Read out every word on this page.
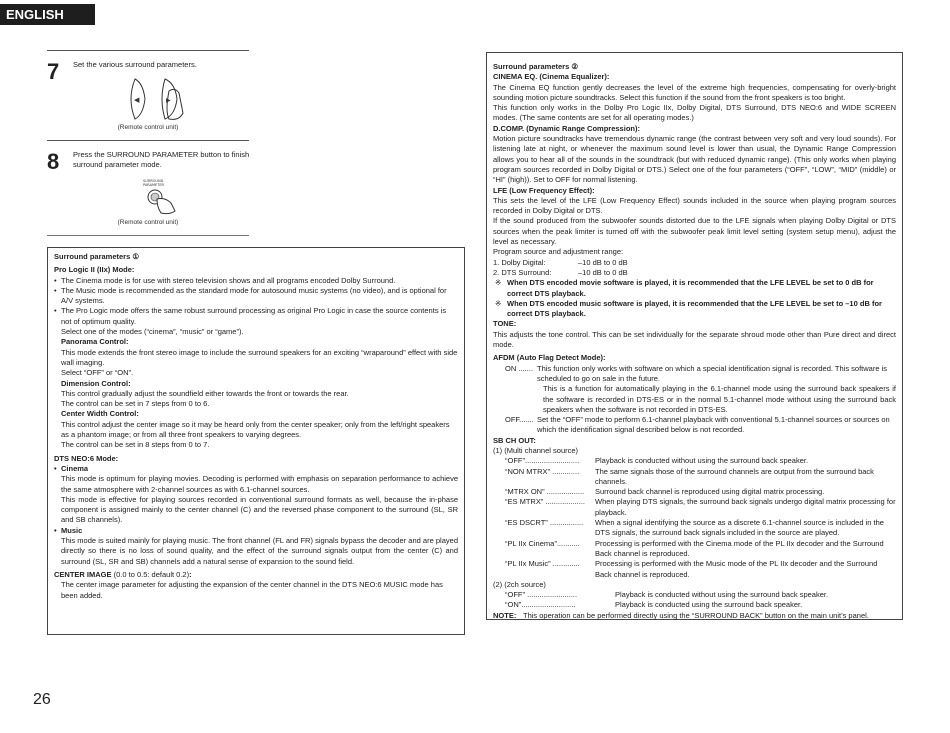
ENGLISH
7 Set the various surround parameters.
◀	▶
(Remote control unit)
8 Press the SURROUND PARAMETER button to finish surround parameter mode.
SURROUND
PARAMETER
(Remote control unit)

Surround parameters ①

Pro Logic II (IIx) Mode:

• The Cinema mode is for use with stereo television shows and all programs encoded Dolby Surround.

• The Music mode is recommended as the standard mode for autosound music systems (no video), and is optional for A/V systems.

• The Pro Logic mode offers the same robust surround processing as original Pro Logic in case the source contents is not of optimum quality.

Select one of the modes (“cinema”, “music” or “game”).

Panorama Control:

This mode extends the front stereo image to include the surround speakers for an exciting “wraparound” effect with side wall imaging.

Select “OFF” or “ON”.

Dimension Control:

This control gradually adjust the soundfield either towards the front or towards the rear.

The control can be set in 7 steps from 0 to 6.

Center Width Control:

This control adjust the center image so it may be heard only from the center speaker; only from the left/right speakers as a phantom image; or from all three front speakers to varying degrees.

The control can be set in 8 steps from 0 to 7.

DTS NEO:6 Mode:

• Cinema

This mode is optimum for playing movies. Decoding is performed with emphasis on separation performance to achieve the same atmosphere with 2-channel sources as with 6.1-channel sources.

This mode is effective for playing sources recorded in conventional surround formats as well, because the in-phase component is assigned mainly to the center channel (C) and the reversed phase component to the surround (SL, SR and SB channels).

• Music

This mode is suited mainly for playing music. The front channel (FL and FR) signals bypass the decoder and are played directly so there is no loss of sound quality, and the effect of the surround signals output from the center (C) and surround (SL, SR and SB) channels add a natural sense of expansion to the sound field.

CENTER IMAGE (0.0 to 0.5: default 0.2):

The center image parameter for adjusting the expansion of the center channel in the DTS NEO:6 MUSIC mode has been added.

Surround parameters ②

CINEMA EQ. (Cinema Equalizer):

The Cinema EQ function gently decreases the level of the extreme high frequencies, compensating for overly-bright sounding motion picture soundtracks. Select this function if the sound from the front speakers is too bright.

This function only works in the Dolby Pro Logic IIx, Dolby Digital, DTS Surround, DTS NEO:6 and WIDE SCREEN modes. (The same contents are set for all operating modes.)

D.COMP. (Dynamic Range Compression):

Motion picture soundtracks have tremendous dynamic range (the contrast between very soft and very loud sounds). For listening late at night, or whenever the maximum sound level is lower than usual, the Dynamic Range Compression allows you to hear all of the sounds in the soundtrack (but with reduced dynamic range). (This only works when playing program sources recorded in Dolby Digital or DTS.) Select one of the four parameters (“OFF”, “LOW”, “MID” (middle) or “HI” (high)). Set to OFF for normal listening.

LFE (Low Frequency Effect):

This sets the level of the LFE (Low Frequency Effect) sounds included in the source when playing program sources recorded in Dolby Digital or DTS.

If the sound produced from the subwoofer sounds distorted due to the LFE signals when playing Dolby Digital or DTS sources when the peak limiter is turned off with the subwoofer peak limit level setting (system setup menu), adjust the level as necessary.

Program source and adjustment range:

1. Dolby Digital:	–10 dB to 0 dB
2. DTS Surround:	–10 dB to 0 dB

※ When DTS encoded movie software is played, it is recommended that the LFE LEVEL be set to 0 dB for correct DTS playback.

※ When DTS encoded music software is played, it is recommended that the LFE LEVEL be set to –10 dB for correct DTS playback.

TONE:

This adjusts the tone control. This can be set individually for the separate shroud mode other than Pure direct and direct mode.

AFDM (Auto Flag Detect Mode):

ON ....... This function only works with software on which a special identification signal is recorded. This software is scheduled to go on sale in the future.

This is a function for automatically playing in the 6.1-channel mode using the surround back speakers if the software is recorded in DTS-ES or in the normal 5.1-channel mode without using the surround back speakers when the software is not recorded in DTS-ES.

OFF....... Set the “OFF” mode to perform 6.1-channel playback with conventional 5.1-channel sources or sources on which the identification signal described below is not recorded.

SB CH OUT:

(1) (Multi channel source)

“OFF”..........................	Playback is conducted without using the surround back speaker.
“NON MTRX” .............	The same signals those of the surround channels are output from the surround back channels.
“MTRX ON” ..................	Surround back channel is reproduced using digital matrix processing.
“ES MTRX” ...................	When playing DTS signals, the surround back signals undergo digital matrix processing for playback.
“ES DSCRT” ................	When a signal identifying the source as a discrete 6.1-channel source is included in the DTS signals, the surround back signals included in the source are played.
“PL IIx Cinema”...........	Processing is performed with the Cinema mode of the PL IIx decoder and the Surround Back channel is reproduced.
“PL IIx Music” .............	Processing is performed with the Music mode of the PL IIx decoder and the Surround Back channel is reproduced.

(2) (2ch source)

“OFF” ........................	Playback is conducted without using the surround back speaker.
“ON”..........................	Playback is conducted using the surround back speaker.
NOTE: This operation can be performed directly using the “SURROUND BACK” button on the main unit’s panel.
26
